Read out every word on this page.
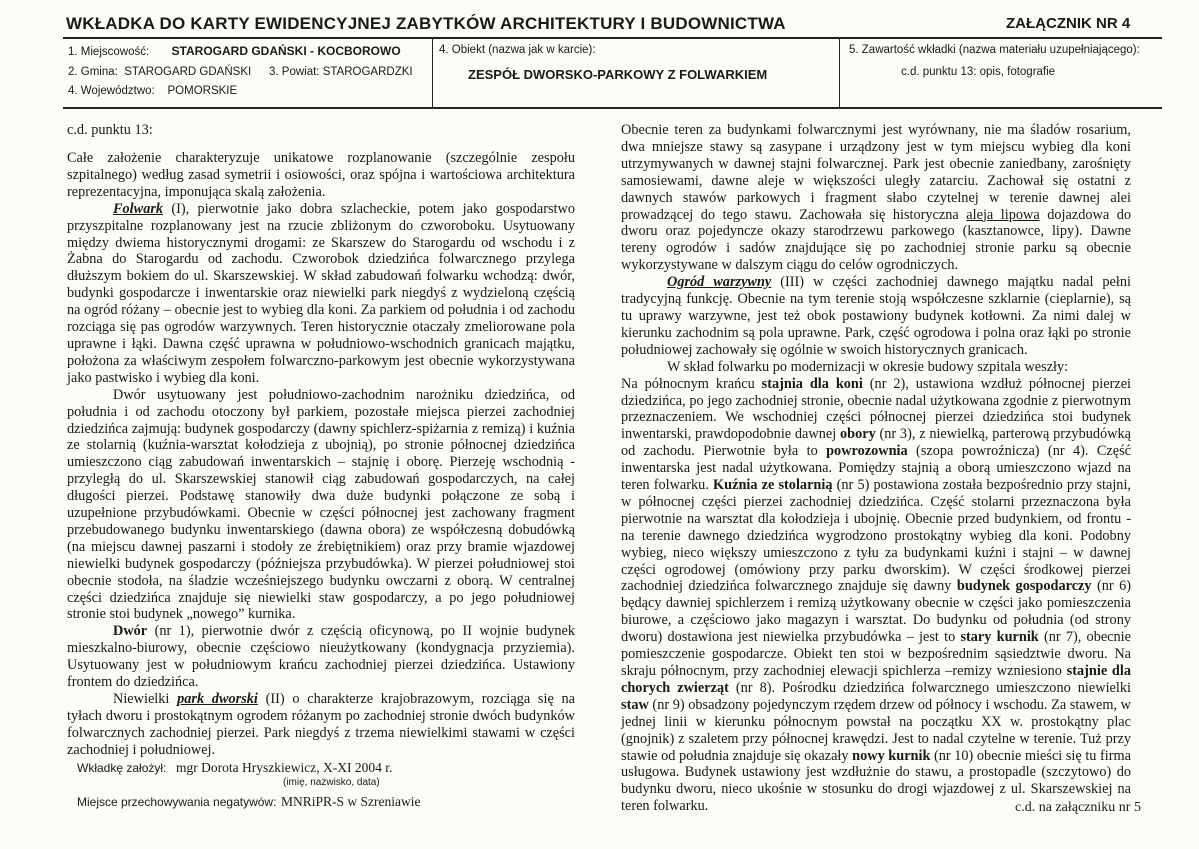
WKŁADKA DO KARTY EWIDENCYJNEJ ZABYTKÓW ARCHITEKTURY I BUDOWNICTWA	ZAŁĄCZNIK NR 4
1. Miejscowość: STAROGARD GDAŃSKI - KOCBOROWO
2. Gmina: STAROGARD GDAŃSKI 3. Powiat: STAROGARDZKI
4. Województwo: POMORSKIE
4. Obiekt (nazwa jak w karcie):
ZESPÓŁ DWORSKO-PARKOWY Z FOLWARKIEM
5. Zawartość wkładki (nazwa materiału uzupełniającego):
c.d. punktu 13: opis, fotografie
c.d. punktu 13:

Całe założenie charakteryzuje unikatowe rozplanowanie (szczególnie zespołu szpitalnego) według zasad symetrii i osiowości, oraz spójna i wartościowa architektura reprezentacyjna, imponująca skalą założenia.

Folwark (I), pierwotnie jako dobra szlacheckie, potem jako gospodarstwo przyszpitalne rozplanowany jest na rzucie zbliżonym do czworoboku. Usytuowany między dwiema historycznymi drogami: ze Skarszew do Starogardu od wschodu i z Żabna do Starogardu od zachodu. Czworobok dziedzińca folwarcznego przylega dłuższym bokiem do ul. Skarszewskiej. W skład zabudowań folwarku wchodzą: dwór, budynki gospodarcze i inwentarskie oraz niewielki park niegdyś z wydzieloną częścią na ogród różany – obecnie jest to wybieg dla koni. Za parkiem od południa i od zachodu rozciąga się pas ogrodów warzywnych. Teren historycznie otaczały zmeliorowane pola uprawne i łąki. Dawna część uprawna w południowo-wschodnich granicach majątku, położona za właściwym zespołem folwarczno-parkowym jest obecnie wykorzystywana jako pastwisko i wybieg dla koni.

Dwór usytuowany jest południowo-zachodnim narożniku dziedzińca, od południa i od zachodu otoczony był parkiem, pozostałe miejsca pierzei zachodniej dziedzińca zajmują: budynek gospodarczy (dawny spichlerz-spiżarnia z remizą) i kuźnia ze stolarnią (kuźnia-warsztat kołodzieja z ubojnią), po stronie północnej dziedzińca umieszczono ciąg zabudowań inwentarskich – stajnię i oborę. Pierzeję wschodnią - przyległą do ul. Skarszewskiej stanowił ciąg zabudowań gospodarczych, na całej długości pierzei. Podstawę stanowiły dwa duże budynki połączone ze sobą i uzupełnione przybudówkami. Obecnie w części północnej jest zachowany fragment przebudowanego budynku inwentarskiego (dawna obora) ze współczesną dobudówką (na miejscu dawnej paszarni i stodoły ze źrebiętnikiem) oraz przy bramie wjazdowej niewielki budynek gospodarczy (późniejsza przybudówka). W pierzei południowej stoi obecnie stodoła, na śladzie wcześniejszego budynku owczarni z oborą. W centralnej części dziedzińca znajduje się niewielki staw gospodarczy, a po jego południowej stronie stoi budynek „nowego” kurnika.

Dwór (nr 1), pierwotnie dwór z częścią oficynową, po II wojnie budynek mieszkalno-biurowy, obecnie częściowo nieużytkowany (kondygnacja przyziemia). Usytuowany jest w południowym krańcu zachodniej pierzei dziedzińca. Ustawiony frontem do dziedzińca.

Niewielki park dworski (II) o charakterze krajobrazowym, rozciąga się na tyłach dworu i prostokątnym ogrodem różanym po zachodniej stronie dwóch budynków folwarcznych zachodniej pierzei. Park niegdyś z trzema niewielkimi stawami w części zachodniej i południowej.

Wkładkę założył: mgr Dorota Hryszkiewicz, X-XI 2004 r.
(imię, nazwisko, data)
Miejsce przechowywania negatywów: MNRiPR-S w Szreniawie

Obecnie teren za budynkami folwarcznymi jest wyrównany, nie ma śladów rosarium, dwa mniejsze stawy są zasypane i urządzony jest w tym miejscu wybieg dla koni utrzymywanych w dawnej stajni folwarcznej. Park jest obecnie zaniedbany, zarośnięty samosiewami, dawne aleje w większości uległy zatarciu. Zachował się ostatni z dawnych stawów parkowych i fragment słabo czytelnej w terenie dawnej alei prowadzącej do tego stawu. Zachowała się historyczna aleja lipowa dojazdowa do dworu oraz pojedyncze okazy starodrzewu parkowego (kasztanowce, lipy). Dawne tereny ogrodów i sadów znajdujące się po zachodniej stronie parku są obecnie wykorzystywane w dalszym ciągu do celów ogrodniczych.

Ogród warzywny (III) w części zachodniej dawnego majątku nadal pełni tradycyjną funkcję. Obecnie na tym terenie stoją współczesne szklarnie (cieplarnie), są tu uprawy warzywne, jest też obok postawiony budynek kotłowni. Za nimi dalej w kierunku zachodnim są pola uprawne. Park, część ogrodowa i polna oraz łąki po stronie południowej zachowały się ogólnie w swoich historycznych granicach.

W skład folwarku po modernizacji w okresie budowy szpitala weszły:

Na północnym krańcu stajnia dla koni (nr 2), ustawiona wzdłuż północnej pierzei dziedzińca, po jego zachodniej stronie, obecnie nadal użytkowana zgodnie z pierwotnym przeznaczeniem. We wschodniej części północnej pierzei dziedzińca stoi budynek inwentarski, prawdopodobnie dawnej obory (nr 3), z niewielką, parterową przybudówką od zachodu. Pierwotnie była to powrozownia (szopa powroźnicza) (nr 4). Część inwentarska jest nadal użytkowana. Pomiędzy stajnią a oborą umieszczono wjazd na teren folwarku. Kuźnia ze stolarnią (nr 5) postawiona została bezpośrednio przy stajni, w północnej części pierzei zachodniej dziedzińca. Część stolarni przeznaczona była pierwotnie na warsztat dla kołodzieja i ubojnię. Obecnie przed budynkiem, od frontu - na terenie dawnego dziedzińca wygrodzono prostokątny wybieg dla koni. Podobny wybieg, nieco większy umieszczono z tyłu za budynkami kuźni i stajni – w dawnej części ogrodowej (omówiony przy parku dworskim). W części środkowej pierzei zachodniej dziedzińca folwarcznego znajduje się dawny budynek gospodarczy (nr 6) będący dawniej spichlerzem i remizą użytkowany obecnie w części jako pomieszczenia biurowe, a częściowo jako magazyn i warsztat. Do budynku od południa (od strony dworu) dostawiona jest niewielka przybudówka – jest to stary kurnik (nr 7), obecnie pomieszczenie gospodarcze. Obiekt ten stoi w bezpośrednim sąsiedztwie dworu. Na skraju północnym, przy zachodniej elewacji spichlerza –remizy wzniesiono stajnie dla chorych zwierząt (nr 8). Pośrodku dziedzińca folwarcznego umieszczono niewielki staw (nr 9) obsadzony pojedynczym rzędem drzew od północy i wschodu. Za stawem, w jednej linii w kierunku północnym powstał na początku XX w. prostokątny plac (gnojnik) z szaletem przy północnej krawędzi. Jest to nadal czytelne w terenie. Tuż przy stawie od południa znajduje się okazały nowy kurnik (nr 10) obecnie mieści się tu firma usługowa. Budynek ustawiony jest wzdłużnie do stawu, a prostopadle (szczytowo) do budynku dworu, nieco ukośnie w stosunku do drogi wjazdowej z ul. Skarszewskiej na teren folwarku.	c.d. na załączniku nr 5
